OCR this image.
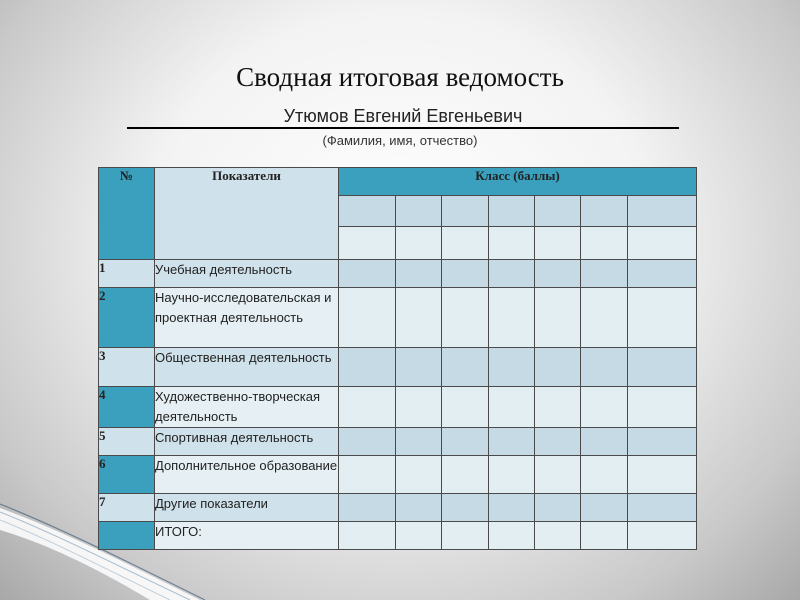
Сводная итоговая ведомость
Утюмов Евгений Евгеньевич
(Фамилия, имя, отчество)
№	Показатели	Класс (баллы)						

1	Учебная деятельность							
2	Научно-исследовательская и проектная деятельность							
3	Общественная деятельность							
4	Художественно-творческая деятельность							
5	Спортивная деятельность							
6	Дополнительное образование							
7	Другие показатели							
	ИТОГО:							
